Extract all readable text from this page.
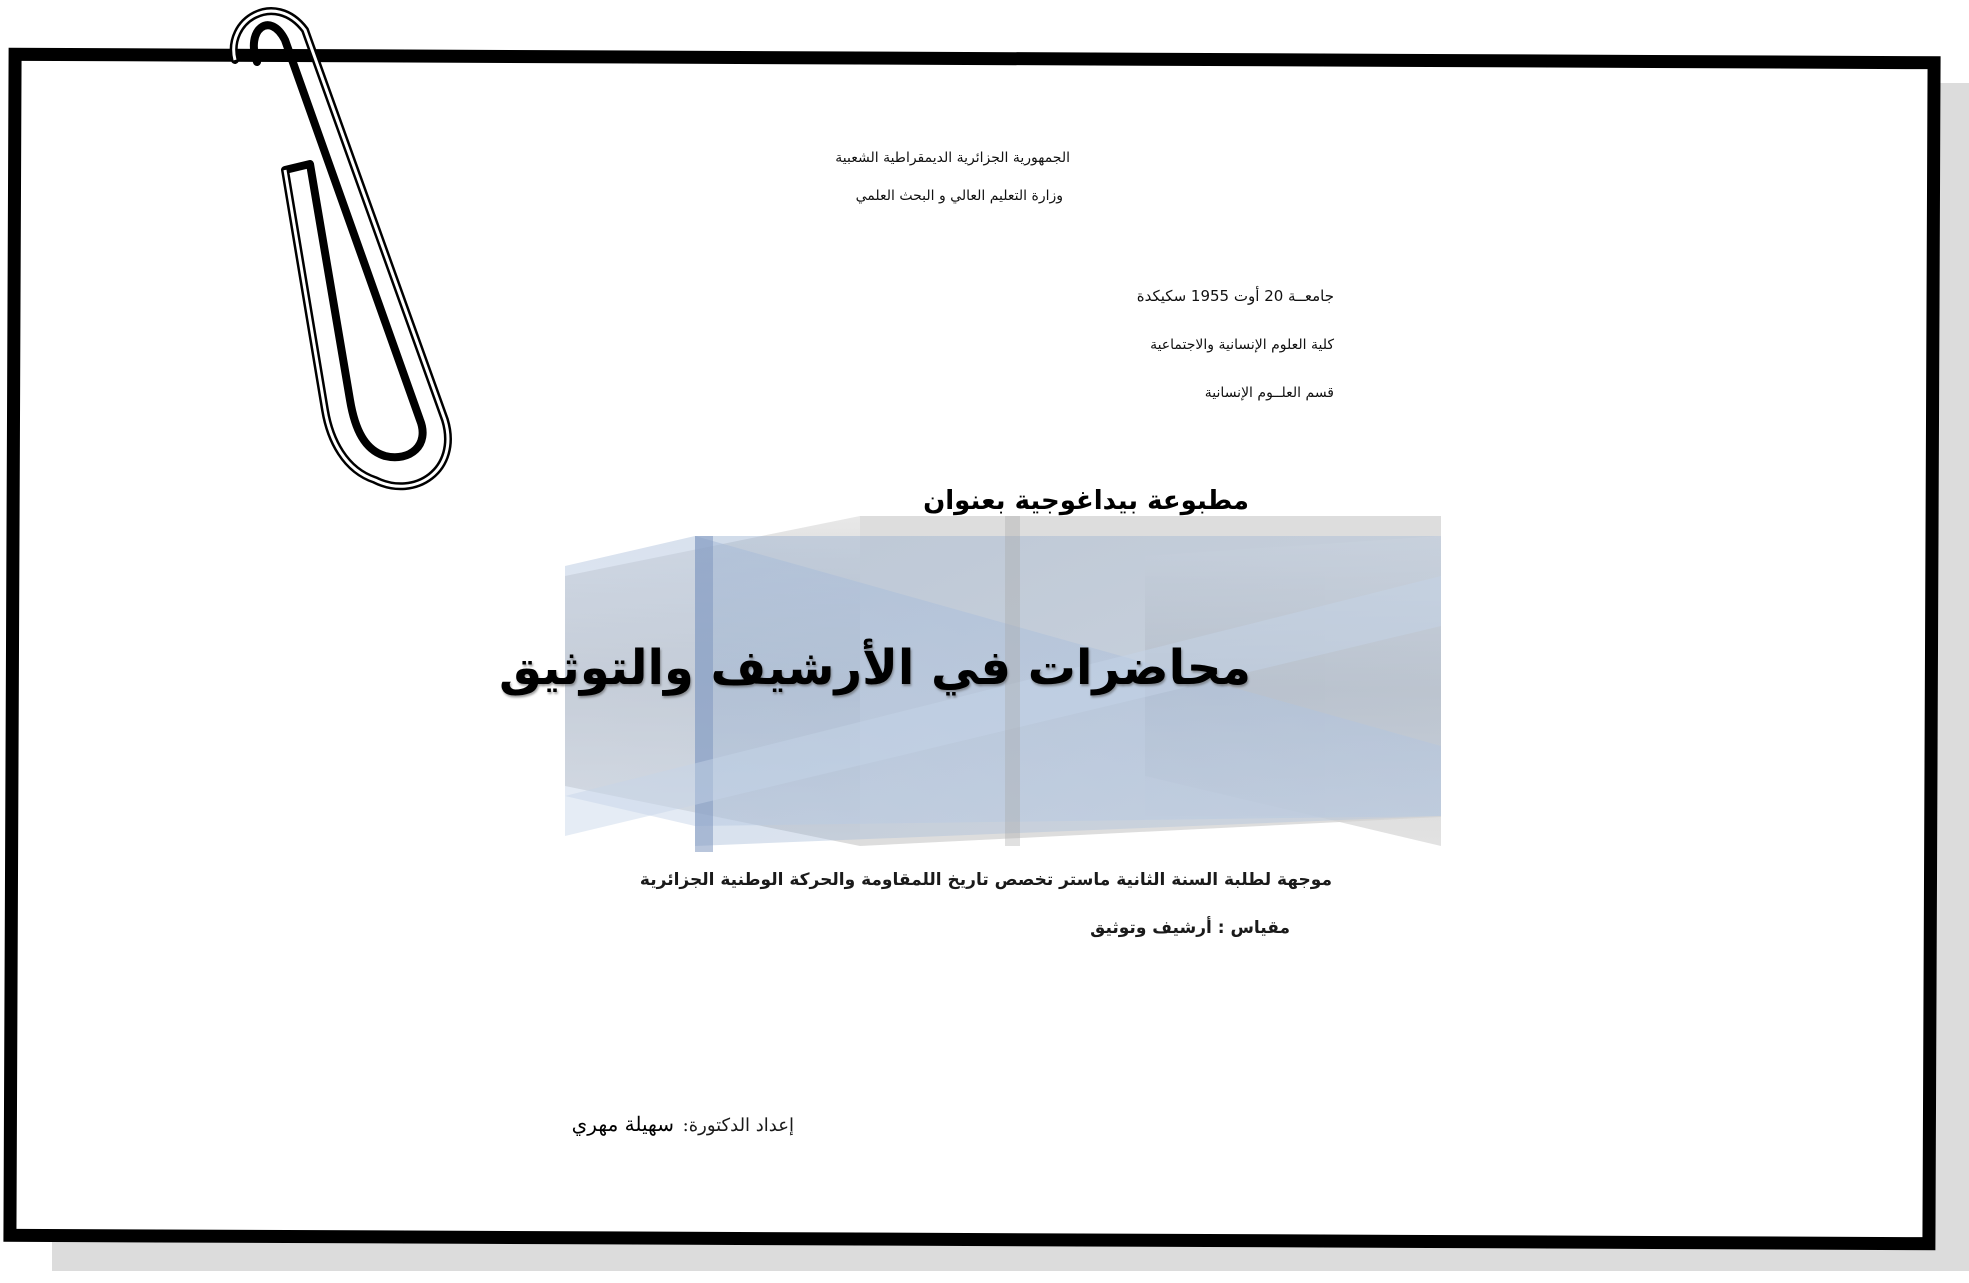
الجمهورية الجزائرية الديمقراطية الشعبية
وزارة التعليم العالي و البحث العلمي
جامعــة 20 أوت 1955 سكيكدة
كلية العلوم الإنسانية والاجتماعية
قسم العلــوم الإنسانية
مطبوعة بيداغوجية بعنوان
محاضرات في الأرشيف والتوثيق
موجهة لطلبة السنة الثانية ماستر تخصص تاريخ اللمقاومة والحركة الوطنية الجزائرية
مقياس : أرشيف وتوثيق
إعداد الدكتورة:
سهيلة مهري
